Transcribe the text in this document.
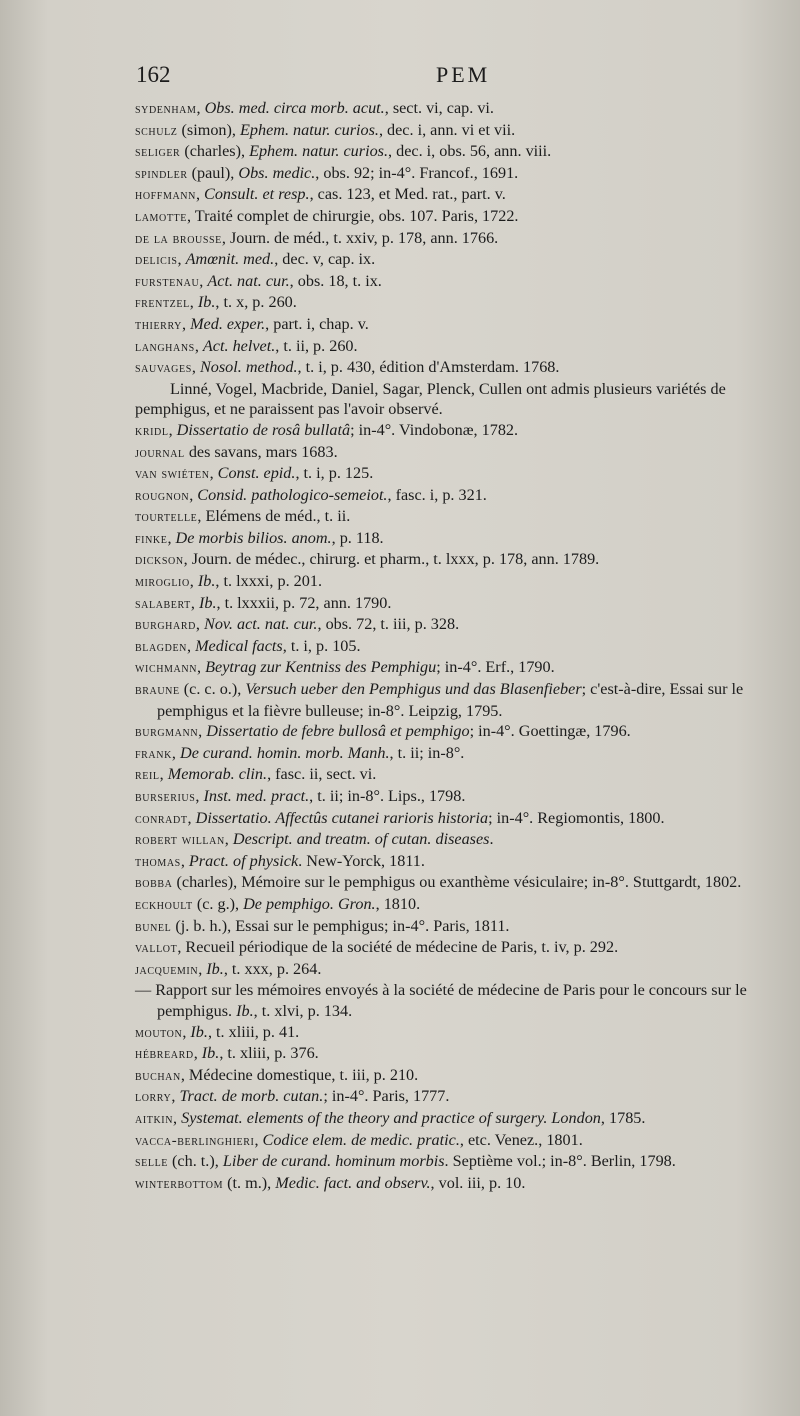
162	PEM
sydenham, Obs. med. circa morb. acut., sect. vi, cap. vi.
schulz (simon), Ephem. natur. curios., dec. i, ann. vi et vii.
seliger (charles), Ephem. natur. curios., dec. i, obs. 56, ann. viii.
spindler (paul), Obs. medic., obs. 92; in-4°. Francof., 1691.
hoffmann, Consult. et resp., cas. 123, et Med. rat., part. v.
lamotte, Traité complet de chirurgie, obs. 107. Paris, 1722.
de la brousse, Journ. de méd., t. xxiv, p. 178, ann. 1766.
delicis, Amœnit. med., dec. v, cap. ix.
furstenau, Act. nat. cur., obs. 18, t. ix.
frentzel, Ib., t. x, p. 260.
thierry, Med. exper., part. i, chap. v.
langhans, Act. helvet., t. ii, p. 260.
sauvages, Nosol. method., t. i, p. 430, édition d'Amsterdam. 1768.
Linné, Vogel, Macbride, Daniel, Sagar, Plenck, Cullen ont admis plusieurs variétés de pemphigus, et ne paraissent pas l'avoir observé.
kridl, Dissertatio de rosâ bullatâ; in-4°. Vindobonæ, 1782.
journal des savans, mars 1683.
van swiéten, Const. epid., t. i, p. 125.
rougnon, Consid. pathologico-semeiot., fasc. i, p. 321.
tourtelle, Elémens de méd., t. ii.
finke, De morbis bilios. anom., p. 118.
dickson, Journ. de médec., chirurg. et pharm., t. lxxx, p. 178, ann. 1789.
miroglio, Ib., t. lxxxi, p. 201.
salabert, Ib., t. lxxxii, p. 72, ann. 1790.
burghard, Nov. act. nat. cur., obs. 72, t. iii, p. 328.
blagden, Medical facts, t. i, p. 105.
wichmann, Beytrag zur Kentniss des Pemphigu; in-4°. Erf., 1790.
braune (c. c. o.), Versuch ueber den Pemphigus und das Blasenfieber; c'est-à-dire, Essai sur le pemphigus et la fièvre bulleuse; in-8°. Leipzig, 1795.
burgmann, Dissertatio de febre bullosâ et pemphigo; in-4°. Goettingæ, 1796.
frank, De curand. homin. morb. Manh., t. ii; in-8°.
reil, Memorab. clin., fasc. ii, sect. vi.
burserius, Inst. med. pract., t. ii; in-8°. Lips., 1798.
conradt, Dissertatio. Affectûs cutanei rarioris historia; in-4°. Regiomontis, 1800.
robert willan, Descript. and treatm. of cutan. diseases.
thomas, Pract. of physick. New-Yorck, 1811.
bobba (charles), Mémoire sur le pemphigus ou exanthème vésiculaire; in-8°. Stuttgardt, 1802.
eckhoult (c. g.), De pemphigo. Gron., 1810.
bunel (j. b. h.), Essai sur le pemphigus; in-4°. Paris, 1811.
vallot, Recueil périodique de la société de médecine de Paris, t. iv, p. 292.
jacquemin, Ib., t. xxx, p. 264.
— Rapport sur les mémoires envoyés à la société de médecine de Paris pour le concours sur le pemphigus. Ib., t. xlvi, p. 134.
mouton, Ib., t. xliii, p. 41.
hébreard, Ib., t. xliii, p. 376.
buchan, Médecine domestique, t. iii, p. 210.
lorry, Tract. de morb. cutan.; in-4°. Paris, 1777.
aitkin, Systemat. elements of the theory and practice of surgery. London, 1785.
vacca-berlinghieri, Codice elem. de medic. pratic., etc. Venez., 1801.
selle (ch. t.), Liber de curand. hominum morbis. Septième vol.; in-8°. Berlin, 1798.
winterbottom (t. m.), Medic. fact. and observ., vol. iii, p. 10.
